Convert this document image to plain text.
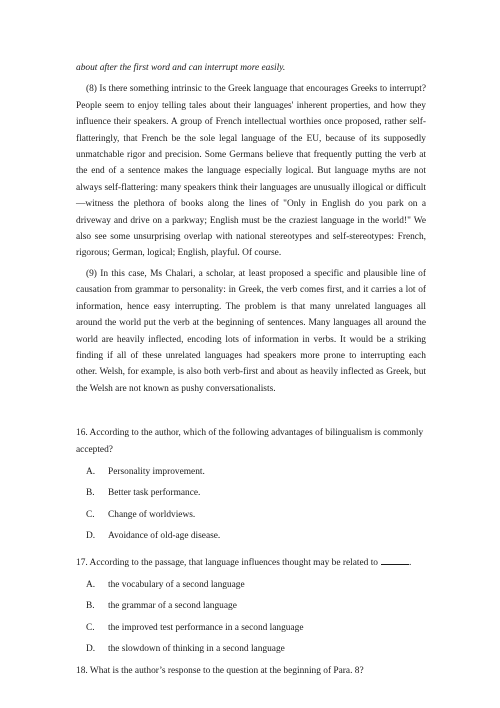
about after the first word and can interrupt more easily.

(8) Is there something intrinsic to the Greek language that encourages Greeks to interrupt? People seem to enjoy telling tales about their languages' inherent properties, and how they influence their speakers. A group of French intellectual worthies once proposed, rather self-flatteringly, that French be the sole legal language of the EU, because of its supposedly unmatchable rigor and precision. Some Germans believe that frequently putting the verb at the end of a sentence makes the language especially logical. But language myths are not always self-flattering: many speakers think their languages are unusually illogical or difficult—witness the plethora of books along the lines of "Only in English do you park on a driveway and drive on a parkway; English must be the craziest language in the world!" We also see some unsurprising overlap with national stereotypes and self-stereotypes: French, rigorous; German, logical; English, playful. Of course.

(9) In this case, Ms Chalari, a scholar, at least proposed a specific and plausible line of causation from grammar to personality: in Greek, the verb comes first, and it carries a lot of information, hence easy interrupting. The problem is that many unrelated languages all around the world put the verb at the beginning of sentences. Many languages all around the world are heavily inflected, encoding lots of information in verbs. It would be a striking finding if all of these unrelated languages had speakers more prone to interrupting each other. Welsh, for example, is also both verb-first and about as heavily inflected as Greek, but the Welsh are not known as pushy conversationalists.

16. According to the author, which of the following advantages of bilingualism is commonly accepted?

A.	Personality improvement.
B.	Better task performance.
C.	Change of worldviews.
D.	Avoidance of old-age disease.

17. According to the passage, that language influences thought may be related to	.

A.	the vocabulary of a second language
B.	the grammar of a second language
C.	the improved test performance in a second language
D.	the slowdown of thinking in a second language

18. What is the author’s response to the question at the beginning of Para. 8?
